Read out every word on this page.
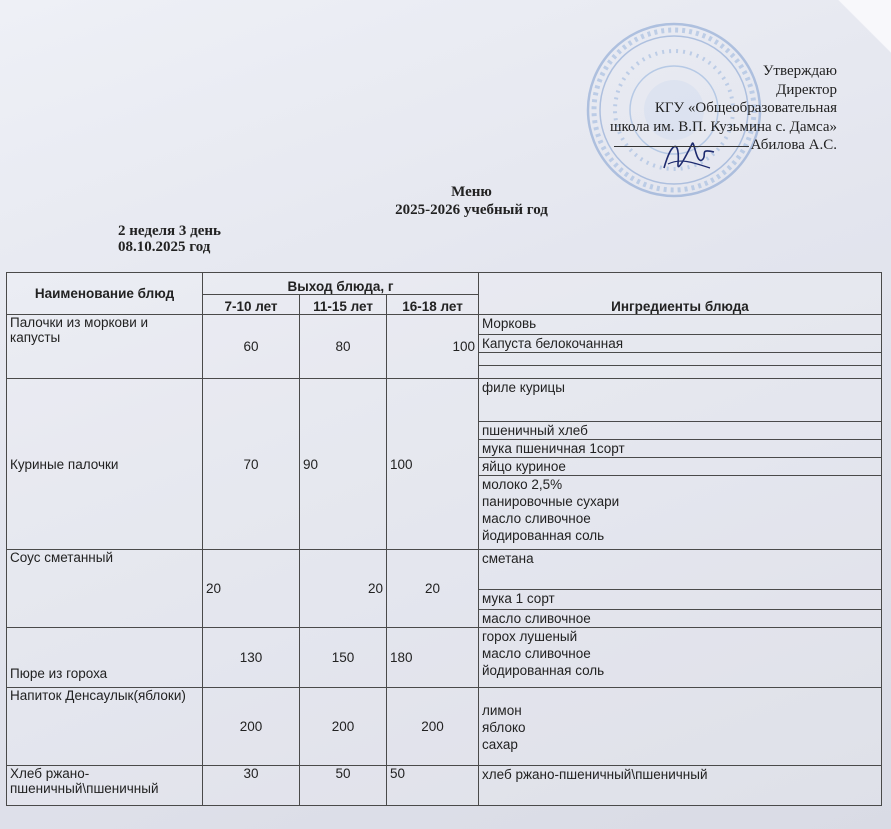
Утверждаю
Директор
КГУ «Общеобразовательная
школа им. В.П. Кузьмина с. Дамса»
Абилова А.С.
Меню
2025-2026 учебный год
2 неделя 3 день
08.10.2025 год
Наименование блюд	Выход блюда, г			Ингредиенты блюда
	7-10 лет	11-15 лет	16-18 лет	
Палочки из моркови и капусты	60	80	100	Морковь
				Капуста белокочанная

Куриные палочки	70	90	100	филе курицы
				пшеничный хлеб
				мука пшеничная 1сорт
				яйцо куриное

				молоко 2,5%
панировочные сухари
масло сливочное
йодированная соль

Соус сметанный	20	20	20	сметана
				мука 1 сорт
				масло сливочное
Пюре из гороха	130	150	180	горох лушеный
масло сливочное
йодированная соль

Напиток Денсаулык(яблоки)	200	200	200	лимон
яблоко
сахар

Хлеб ржано-пшеничный\пшеничный	30	50	50	хлеб ржано-пшеничный\пшеничный
